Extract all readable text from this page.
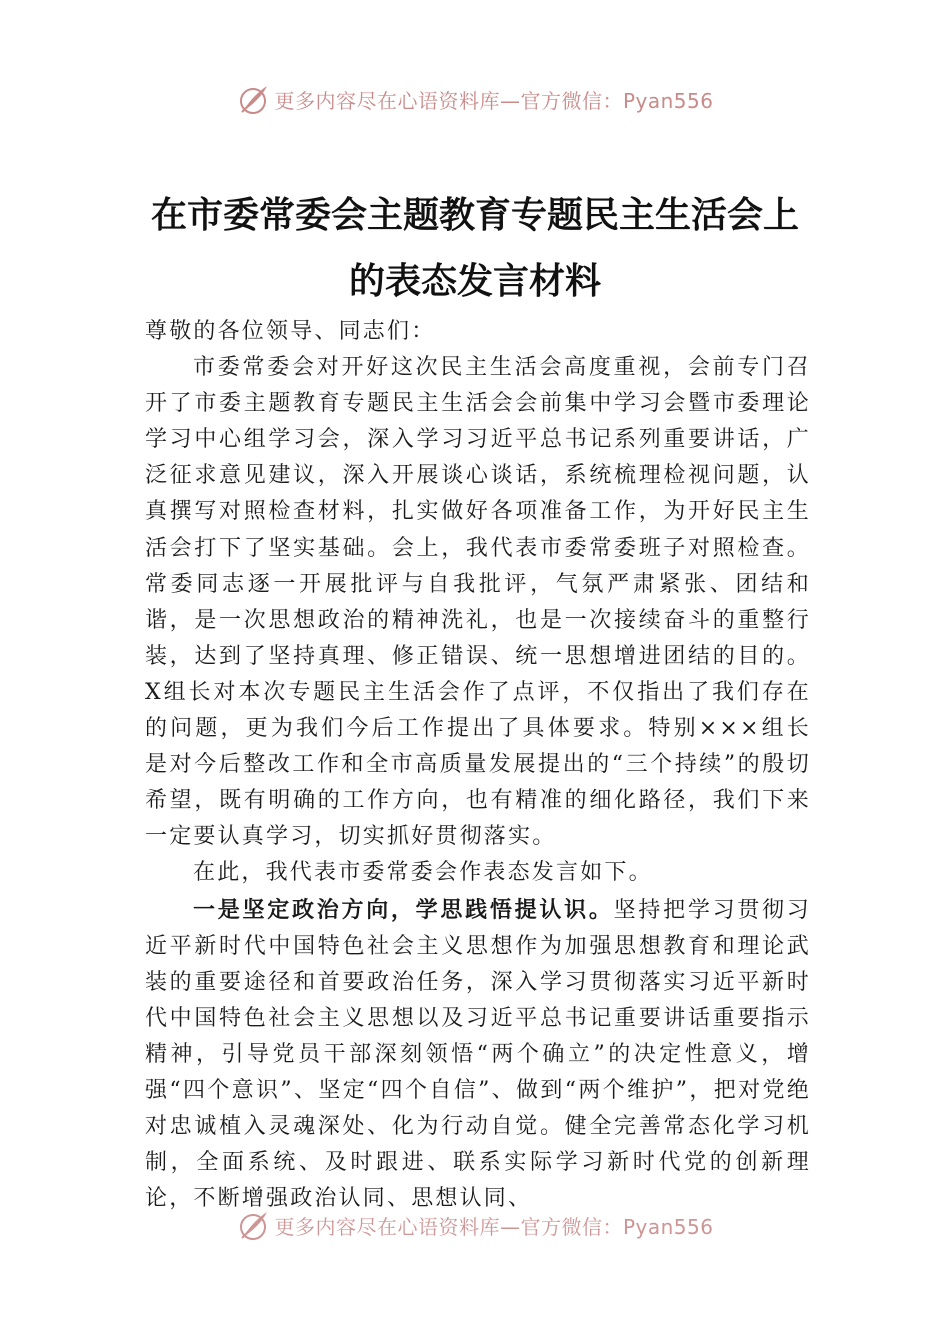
更多内容尽在心语资料库—官方微信：Pyan556
在市委常委会主题教育专题民主生活会上
的表态发言材料

尊敬的各位领导、同志们：

市委常委会对开好这次民主生活会高度重视，会前专门召开了市委主题教育专题民主生活会会前集中学习会暨市委理论学习中心组学习会，深入学习习近平总书记系列重要讲话，广泛征求意见建议，深入开展谈心谈话，系统梳理检视问题，认真撰写对照检查材料，扎实做好各项准备工作，为开好民主生活会打下了坚实基础。会上，我代表市委常委班子对照检查。常委同志逐一开展批评与自我批评，气氛严肃紧张、团结和谐，是一次思想政治的精神洗礼，也是一次接续奋斗的重整行装，达到了坚持真理、修正错误、统一思想增进团结的目的。X组长对本次专题民主生活会作了点评，不仅指出了我们存在的问题，更为我们今后工作提出了具体要求。特别×××组长是对今后整改工作和全市高质量发展提出的“三个持续”的殷切希望，既有明确的工作方向，也有精准的细化路径，我们下来一定要认真学习，切实抓好贯彻落实。

在此，我代表市委常委会作表态发言如下。

一是坚定政治方向，学思践悟提认识。坚持把学习贯彻习近平新时代中国特色社会主义思想作为加强思想教育和理论武装的重要途径和首要政治任务，深入学习贯彻落实习近平新时代中国特色社会主义思想以及习近平总书记重要讲话重要指示精神，引导党员干部深刻领悟“两个确立”的决定性意义，增强“四个意识”、坚定“四个自信”、做到“两个维护”，把对党绝对忠诚植入灵魂深处、化为行动自觉。健全完善常态化学习机制，全面系统、及时跟进、联系实际学习新时代党的创新理论，不断增强政治认同、思想认同、

更多内容尽在心语资料库—官方微信：Pyan556
